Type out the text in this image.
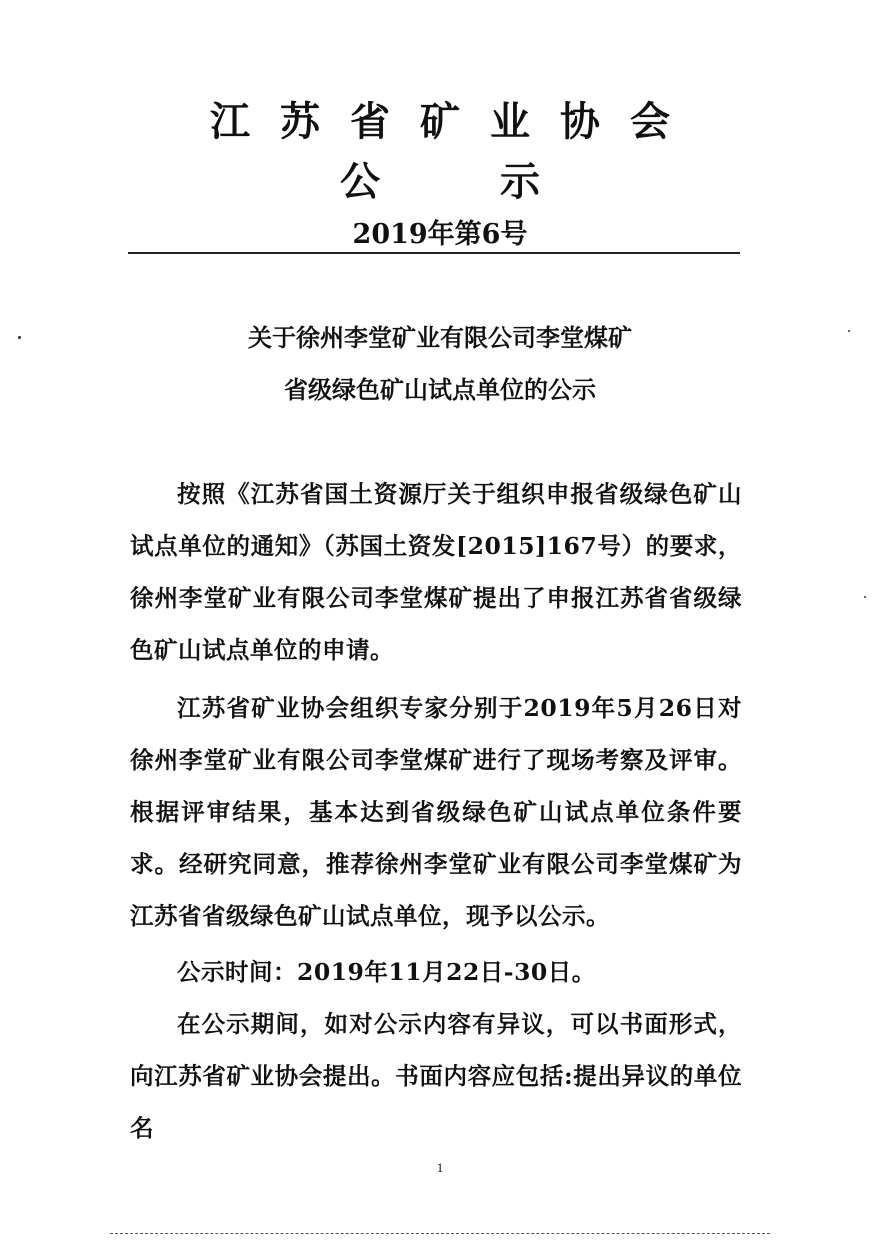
江苏省矿业协会
公示
2019年第6号
关于徐州李堂矿业有限公司李堂煤矿
省级绿色矿山试点单位的公示
按照《江苏省国土资源厅关于组织申报省级绿色矿山试点单位的通知》（苏国土资发[2015]167号）的要求，徐州李堂矿业有限公司李堂煤矿提出了申报江苏省省级绿色矿山试点单位的申请。
江苏省矿业协会组织专家分别于2019年5月26日对徐州李堂矿业有限公司李堂煤矿进行了现场考察及评审。根据评审结果，基本达到省级绿色矿山试点单位条件要求。经研究同意，推荐徐州李堂矿业有限公司李堂煤矿为江苏省省级绿色矿山试点单位，现予以公示。
公示时间：2019年11月22日-30日。
在公示期间，如对公示内容有异议，可以书面形式，向江苏省矿业协会提出。书面内容应包括:提出异议的单位名
1
